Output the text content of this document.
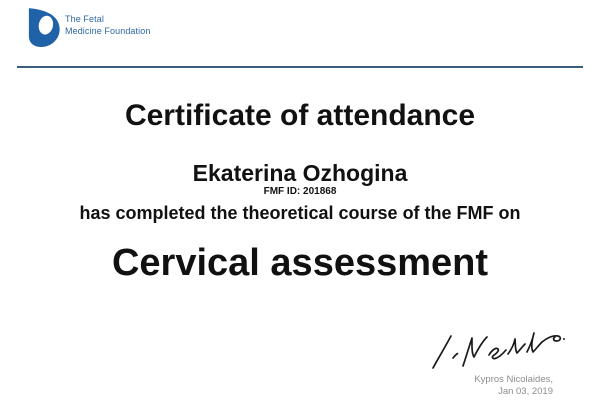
The Fetal
Medicine Foundation
Certificate of attendance
Ekaterina Ozhogina
FMF ID: 201868
has completed the theoretical course of the FMF on
Cervical assessment
Kypros Nicolaides,
Jan 03, 2019
